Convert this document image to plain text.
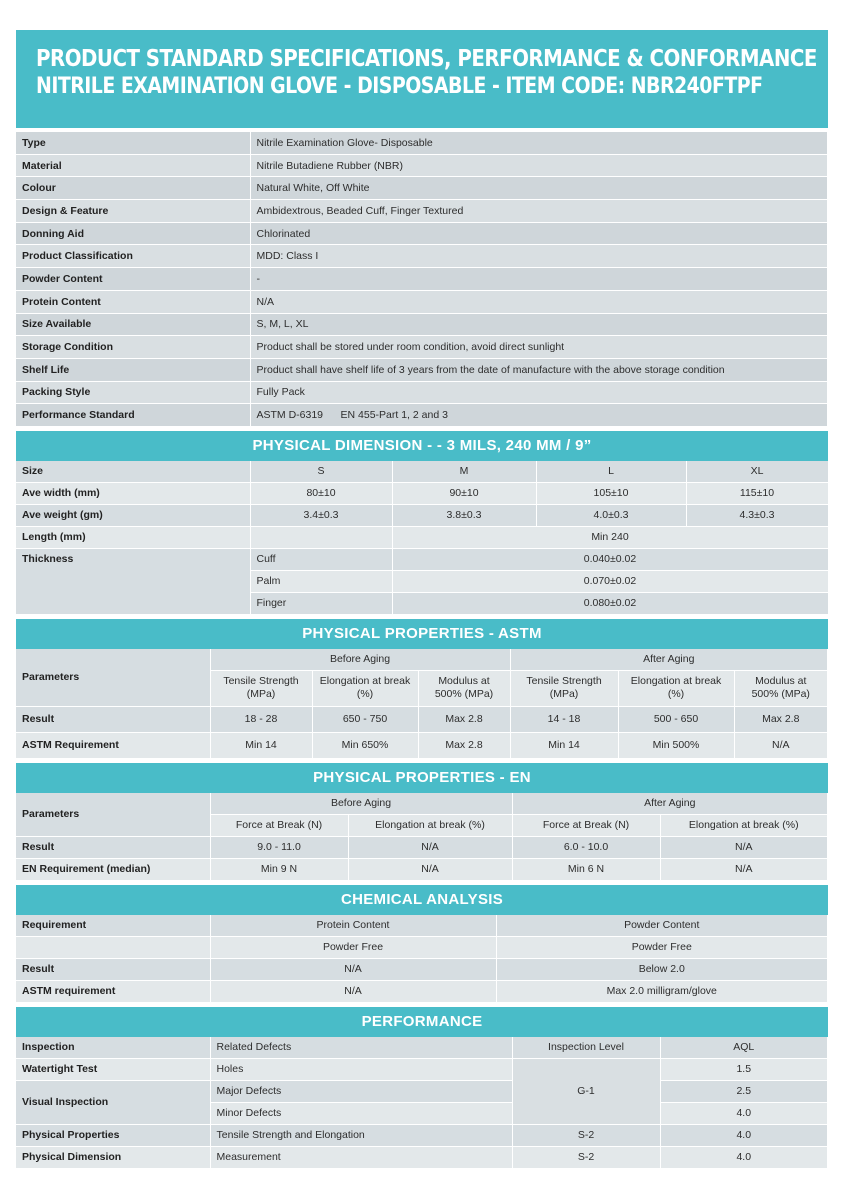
PRODUCT STANDARD SPECIFICATIONS, PERFORMANCE & CONFORMANCE
NITRILE EXAMINATION GLOVE - DISPOSABLE - ITEM CODE: NBR240FTPF
Type	Nitrile Examination Glove- Disposable
Material	Nitrile Butadiene Rubber (NBR)
Colour	Natural White, Off White
Design & Feature	Ambidextrous, Beaded Cuff, Finger Textured
Donning Aid	Chlorinated
Product Classification	MDD: Class I
Powder Content	-
Protein Content	N/A
Size Available	S, M, L, XL
Storage Condition	Product shall be stored under room condition, avoid direct sunlight
Shelf Life	Product shall have shelf life of 3 years from the date of manufacture with the above storage condition
Packing Style	Fully Pack
Performance Standard	ASTM D-6319      EN 455-Part 1, 2 and 3
PHYSICAL DIMENSION - - 3 MILS, 240 MM / 9”
Size	S	M	L	XL
Ave width (mm)	80±10	90±10	105±10	115±10
Ave weight (gm)	3.4±0.3	3.8±0.3	4.0±0.3	4.3±0.3
Length (mm)		Min 240		
Thickness	Cuff	0.040±0.02		
	Palm	0.070±0.02		
	Finger	0.080±0.02		
PHYSICAL PROPERTIES - ASTM
Parameters	Before Aging			After Aging		
	Tensile Strength (MPa)	Elongation at break (%)	Modulus at 500% (MPa)	Tensile Strength (MPa)	Elongation at break (%)	Modulus at 500% (MPa)
Result	18 - 28	650 - 750	Max 2.8	14 - 18	500 - 650	Max 2.8
ASTM Requirement	Min 14	Min 650%	Max 2.8	Min 14	Min 500%	N/A
PHYSICAL PROPERTIES - EN
Parameters	Before Aging		After Aging	
	Force at Break (N)	Elongation at break (%)	Force at Break (N)	Elongation at break (%)
Result	9.0 - 11.0	N/A	6.0 - 10.0	N/A
EN Requirement (median)	Min 9 N	N/A	Min 6 N	N/A
CHEMICAL ANALYSIS
Requirement	Protein Content	Powder Content
	Powder Free	Powder Free
Result	N/A	Below 2.0
ASTM requirement	N/A	Max 2.0 milligram/glove
PERFORMANCE
Inspection	Related Defects	Inspection Level	AQL
Watertight Test	Holes	G-1	1.5
Visual Inspection	Major Defects		2.5
	Minor Defects		4.0
Physical Properties	Tensile Strength and Elongation	S-2	4.0
Physical Dimension	Measurement	S-2	4.0
